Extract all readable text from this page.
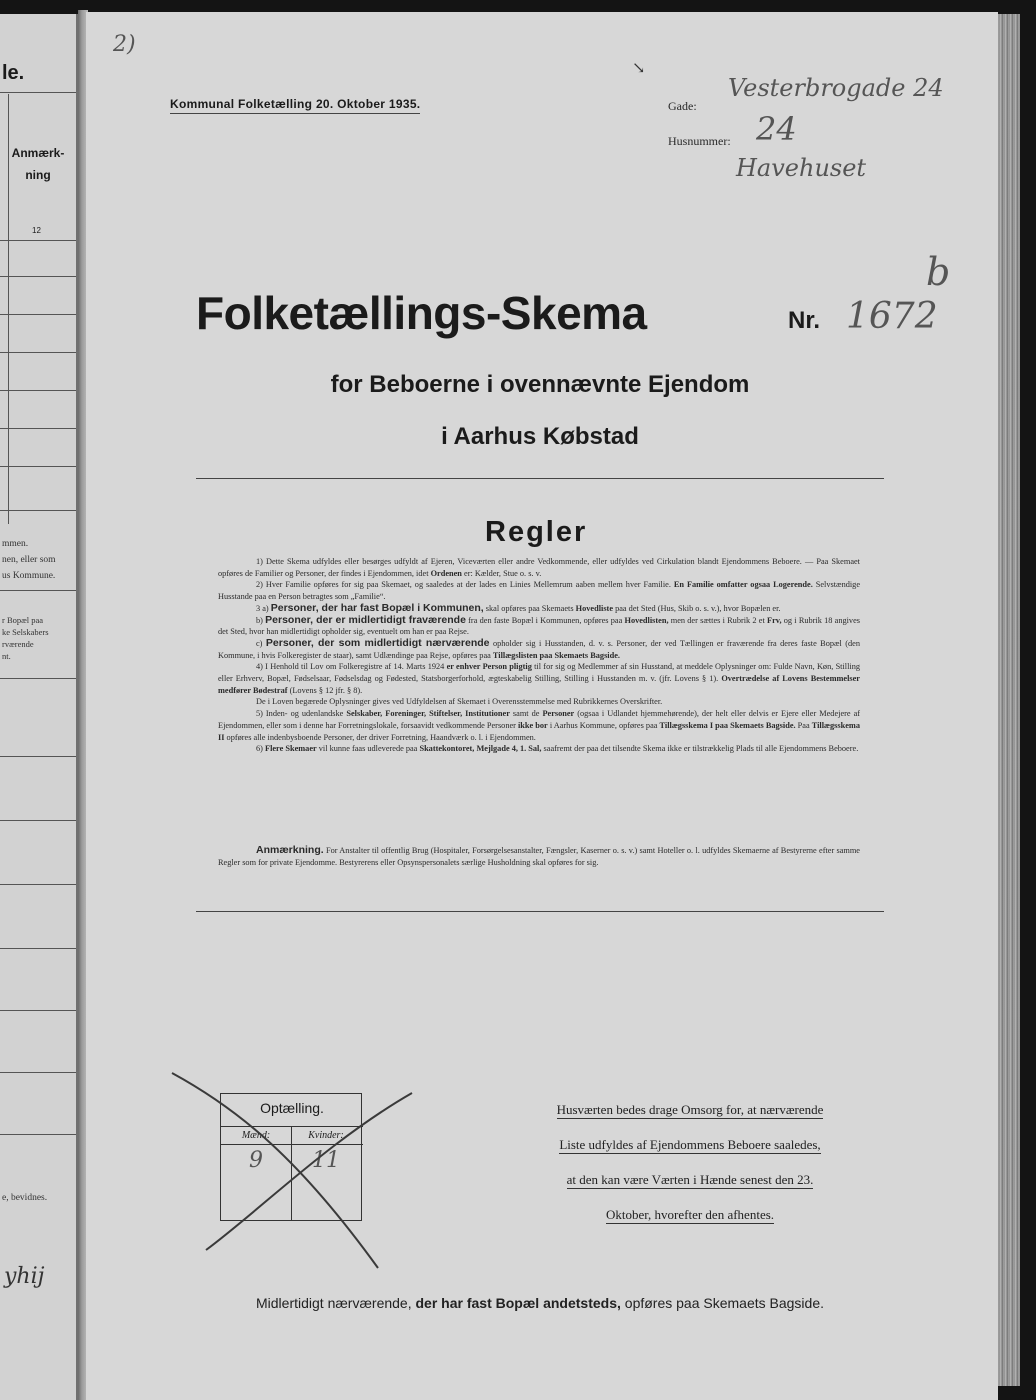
le.
Anmærk-ning
12
mmen.
nen, eller som
us Kommune.
r Bopæl paa
ke Selskabers
rværende
nt.
e, bevidnes.
yhij
2)
Kommunal Folketælling 20. Oktober 1935.
↘
Gade:
Vesterbrogade 24
Husnummer: 24
Havehuset
Folketællings-Skema	Nr. 1672
b
for Beboerne i ovennævnte Ejendom
i Aarhus Købstad
Regler

1) Dette Skema udfyldes eller besørges udfyldt af Ejeren, Viceværten eller andre Vedkommende, eller udfyldes ved Cirkulation blandt Ejendommens Beboere. — Paa Skemaet opføres de Familier og Personer, der findes i Ejendommen, idet Ordenen er: Kælder, Stue o. s. v.

2) Hver Familie opføres for sig paa Skemaet, og saaledes at der lades en Linies Mellemrum aaben mellem hver Familie. En Familie omfatter ogsaa Logerende. Selvstændige Husstande paa en Person betragtes som „Familie“.

3 a) Personer, der har fast Bopæl i Kommunen, skal opføres paa Skemaets Hovedliste paa det Sted (Hus, Skib o. s. v.), hvor Bopælen er.

b) Personer, der er midlertidigt fraværende fra den faste Bopæl i Kommunen, opføres paa Hovedlisten, men der sættes i Rubrik 2 et Frv, og i Rubrik 18 angives det Sted, hvor han midlertidigt opholder sig, eventuelt om han er paa Rejse.

c) Personer, der som midlertidigt nærværende opholder sig i Husstanden, d. v. s. Personer, der ved Tællingen er fraværende fra deres faste Bopæl (den Kommune, i hvis Folkeregister de staar), samt Udlændinge paa Rejse, opføres paa Tillægslisten paa Skemaets Bagside.

4) I Henhold til Lov om Folkeregistre af 14. Marts 1924 er enhver Person pligtig til for sig og Medlemmer af sin Husstand, at meddele Oplysninger om: Fulde Navn, Køn, Stilling eller Erhverv, Bopæl, Fødselsaar, Fødselsdag og Fødested, Statsborgerforhold, ægteskabelig Stilling, Stilling i Husstanden m. v. (jfr. Lovens § 1). Overtrædelse af Lovens Bestemmelser medfører Bødestraf (Lovens § 12 jfr. § 8).

De i Loven begærede Oplysninger gives ved Udfyldelsen af Skemaet i Overensstemmelse med Rubrikkernes Overskrifter.

5) Inden- og udenlandske Selskaber, Foreninger, Stiftelser, Institutioner samt de Personer (ogsaa i Udlandet hjemmehørende), der helt eller delvis er Ejere eller Medejere af Ejendommen, eller som i denne har Forretningslokale, forsaavidt vedkommende Personer ikke bor i Aarhus Kommune, opføres paa Tillægsskema I paa Skemaets Bagside. Paa Tillægsskema II opføres alle indenbysboende Personer, der driver Forretning, Haandværk o. l. i Ejendommen.

6) Flere Skemaer vil kunne faas udleverede paa Skattekontoret, Mejlgade 4, 1. Sal, saafremt der paa det tilsendte Skema ikke er tilstrækkelig Plads til alle Ejendommens Beboere.

Anmærkning. For Anstalter til offentlig Brug (Hospitaler, Forsørgelsesanstalter, Fængsler, Kaserner o. s. v.) samt Hoteller o. l. udfyldes Skemaerne af Bestyrerne efter samme Regler som for private Ejendomme. Bestyrerens eller Opsynspersonalets særlige Husholdning skal opføres for sig.
Optælling.
Mænd:	Kvinder:
9	11
Husværten bedes drage Omsorg for, at nærværende
Liste udfyldes af Ejendommens Beboere saaledes,
at den kan være Værten i Hænde senest den 23.
Oktober, hvorefter den afhentes.
Midlertidigt nærværende, der har fast Bopæl andetsteds, opføres paa Skemaets Bagside.
